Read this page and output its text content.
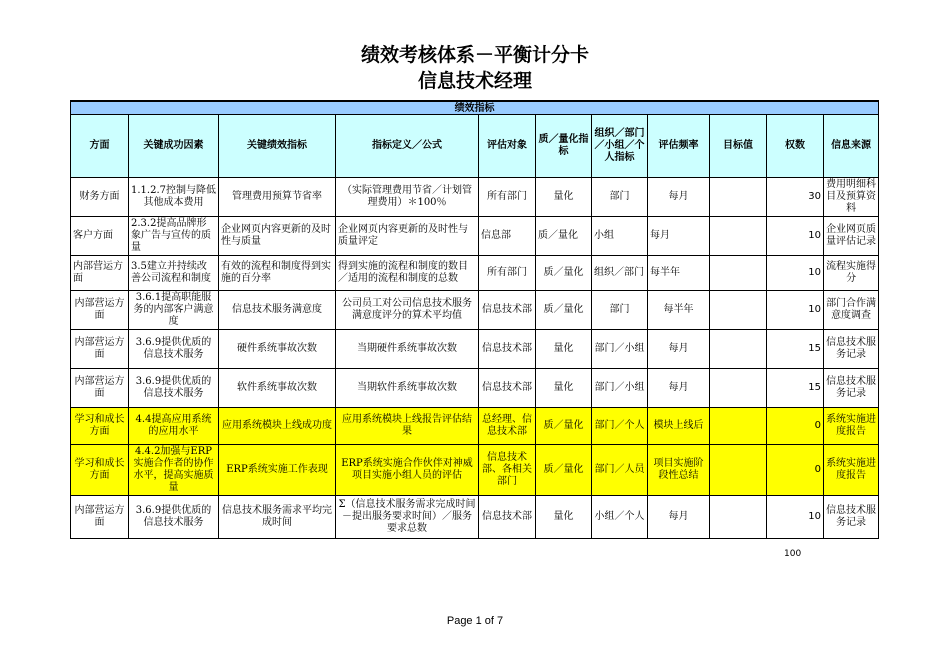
绩效考核体系－平衡计分卡
信息技术经理
绩效指标										
方面	关键成功因素	关键绩效指标	指标定义／公式	评估对象	质／量化指标	组织／部门／小组／个人指标	评估频率	目标值	权数	信息来源
财务方面	1.1.2.7控制与降低其他成本费用	管理费用预算节省率	（实际管理费用节省／计划管理费用）＊100％	所有部门	量化	部门	每月		30	费用明细科目及预算资料
客户方面	2.3.2提高品牌形象广告与宣传的质量	企业网页内容更新的及时性与质量	企业网页内容更新的及时性与质量评定	信息部	质／量化	小组	每月		10	企业网页质量评估记录
内部营运方面	3.5建立并持续改善公司流程和制度	有效的流程和制度得到实施的百分率	得到实施的流程和制度的数目／适用的流程和制度的总数	所有部门	质／量化	组织／部门	每半年		10	流程实施得分
内部营运方面	3.6.1提高职能服务的内部客户满意度	信息技术服务满意度	公司员工对公司信息技术服务满意度评分的算术平均值	信息技术部	质／量化	部门	每半年		10	部门合作满意度调查
内部营运方面	3.6.9提供优质的信息技术服务	硬件系统事故次数	当期硬件系统事故次数	信息技术部	量化	部门／小组	每月		15	信息技术服务记录
内部营运方面	3.6.9提供优质的信息技术服务	软件系统事故次数	当期软件系统事故次数	信息技术部	量化	部门／小组	每月		15	信息技术服务记录
学习和成长方面	4.4提高应用系统的应用水平	应用系统模块上线成功度	应用系统模块上线报告评估结果	总经理、信息技术部	质／量化	部门／个人	模块上线后		0	系统实施进度报告
学习和成长方面	4.4.2加强与ERP实施合作者的协作水平，提高实施质量	ERP系统实施工作表现	ERP系统实施合作伙伴对神威项目实施小组人员的评估	信息技术部、各相关部门	质／量化	部门／人员	项目实施阶段性总结		0	系统实施进度报告
内部营运方面	3.6.9提供优质的信息技术服务	信息技术服务需求平均完成时间	Σ（信息技术服务需求完成时间－提出服务要求时间）／服务要求总数	信息技术部	量化	小组／个人	每月		10	信息技术服务记录
100
Page 1 of 7
